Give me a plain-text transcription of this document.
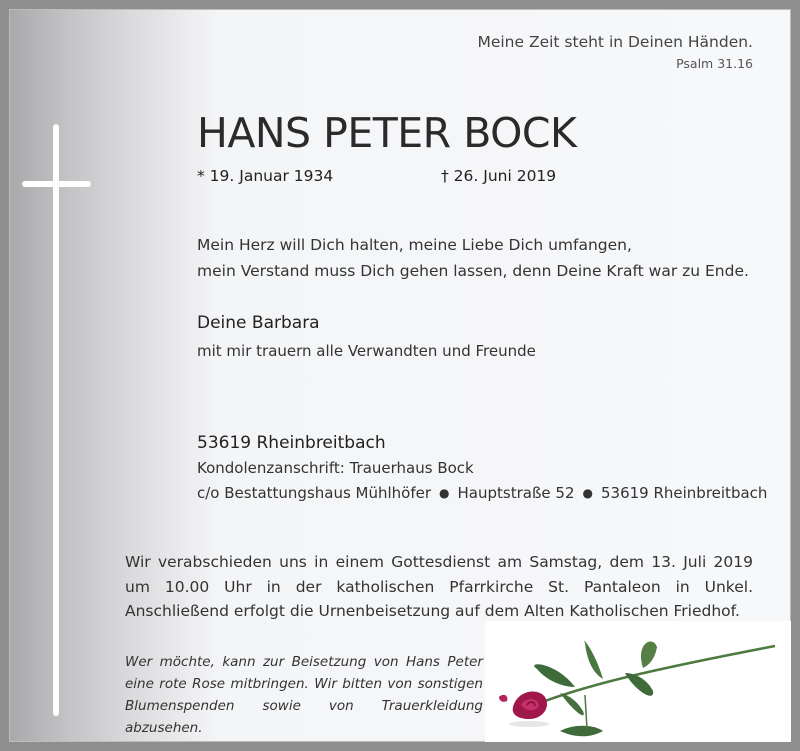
Meine Zeit steht in Deinen Händen.
Psalm 31.16
HANS PETER BOCK
* 19. Januar 1934	† 26. Juni 2019
Mein Herz will Dich halten, meine Liebe Dich umfangen,
mein Verstand muss Dich gehen lassen, denn Deine Kraft war zu Ende.
Deine Barbara
mit mir trauern alle Verwandten und Freunde
53619 Rheinbreitbach
Kondolenzanschrift: Trauerhaus Bock
c/o Bestattungshaus Mühlhöfer ● Hauptstraße 52 ● 53619 Rheinbreitbach
Wir verabschieden uns in einem Gottesdienst am Samstag, dem 13. Juli 2019 um 10.00 Uhr in der katholischen Pfarrkirche St. Pantaleon in Unkel. Anschließend erfolgt die Urnenbeisetzung auf dem Alten Katholischen Friedhof.
Wer möchte, kann zur Beisetzung von Hans Peter eine rote Rose mitbringen. Wir bitten von sonstigen Blumenspenden sowie von Trauerkleidung abzusehen.
